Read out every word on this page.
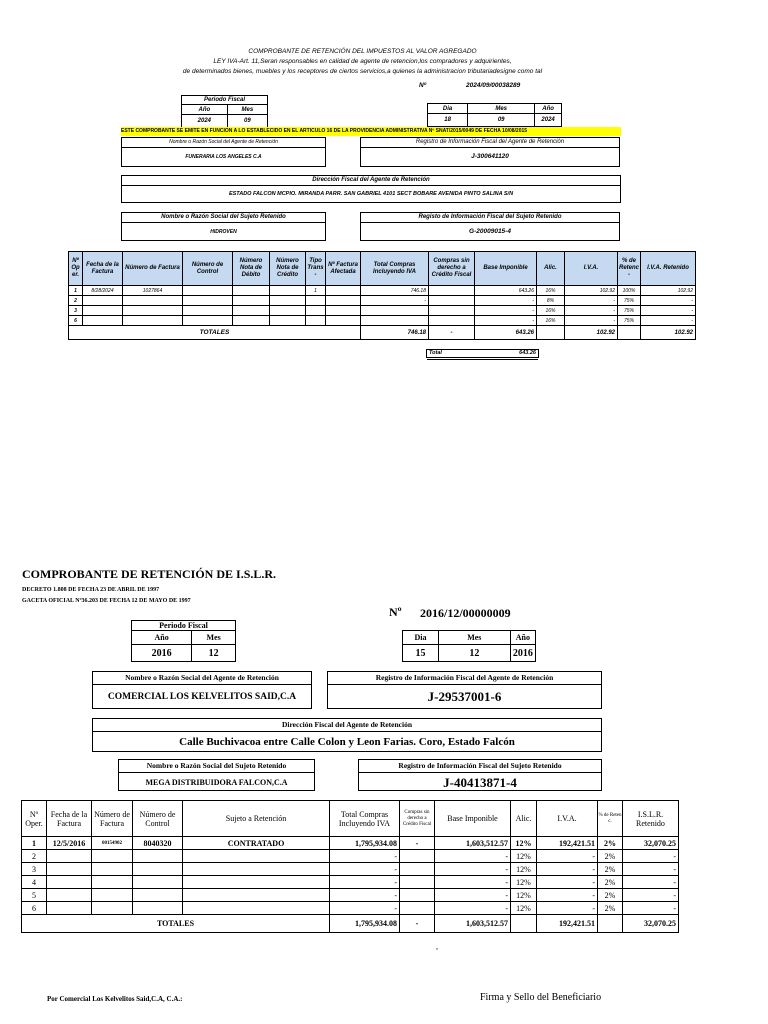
COMPROBANTE DE RETENCIÓN DEL IMPUESTOS AL VALOR AGREGADO
LEY IVA-Art. 11,Seran responsables en calidad de agente de retencion,los compradores y adquirientes,
de determinados bienes, muebles y los receptores de ciertos servicios,a quienes la administracion tributariadesigne como tal
Nº	2024/09/00038289
Periodo Fiscal	
Año	Mes
2024	09
Dia	Mes	Año
18	09	2024
ESTE COMPROBANTE SE EMITE EN FUNCION A LO ESTABLECIDO EN EL ARTICULO 16 DE LA PROVIDENCIA ADMINISTRATIVA Nº SNAT/2015/0049 DE FECHA 10/08/2015
Nombre o Razón Social del Agente de Retención
FUNERARIA LOS ANGELES C.A
Registro de Información Fiscal del Agente de Retención
J-300641120
Dirección Fiscal del Agente de Retención
ESTADO FALCON MCPIO. MIRANDA PARR. SAN GABRIEL 4101 SECT BOBARE AVENIDA PINTO SALINA S/N
Nombre o Razón Social del Sujeto Retenido
HIDROVEN
Registo de Información Fiscal del Sujeto Retenido
G-20009015-4
Nº Op er.	Fecha de la Factura	Número de Factura	Número de Control	Número Nota de Débito	Número Nota de Crédito	Tipo Trans -	Nº Factura Afectada	Total Compras Incluyendo IVA	Compras sin derecho a Crédito Fiscal	Base Imponible	Alic.	I.V.A.	% de Retenc -	I.V.A. Retenido
1	8/28/2024	1027864				1		746.18		643.26	16%	102.92	100%	102.92
2								-		-	8%	-	75%	-
3										-	16%	-	75%	-
6										-	16%	-	75%	-
TOTALES								746.18	-	643.26		102.92		102.92
Total	643.26
COMPROBANTE DE RETENCIÓN DE I.S.L.R.
DECRETO 1.808 DE FECHA 23 DE ABRIL DE 1997
GACETA OFICIAL Nº36.203 DE FECHA 12 DE MAYO DE 1997
Nº 2016/12/00000009
Periodo Fiscal	
Año	Mes
2016	12
Dia	Mes	Año
15	12	2016
Nombre o Razón Social del Agente de Retención
COMERCIAL LOS KELVELITOS SAID,C.A
Registro de Información Fiscal del Agente de Retención
J-29537001-6
Dirección Fiscal del Agente de Retención
Calle Buchivacoa entre Calle Colon y Leon Farias. Coro, Estado Falcón
Nombre o Razón Social del Sujeto Retenido
MEGA DISTRIBUIDORA FALCON,C.A
Registro de Información Fiscal del Sujeto Retenido
J-40413871-4
Nº Oper.	Fecha de la Factura	Número de Factura	Número de Control	Sujeto a Retención	Total Compras Incluyendo IVA	Compras sin derecho a Crédito Fiscal	Base Imponible	Alic.	I.V.A.	% de Reten c.	I.S.L.R. Retenido
1	12/5/2016	00154902	8040320	CONTRATADO	1,795,934.08	-	1,603,512.57	12%	192,421.51	2%	32,070.25
2					-		-	12%	-	2%	-
3					-		-	12%	-	2%	-
4					-		-	12%	-	2%	-
5					-		-	12%	-	2%	-
6					-		-	12%	-	2%	-
TOTALES					1,795,934.08	-	1,603,512.57		192,421.51		32,070.25
,
Por Comercial Los Kelvelitos Said,C.A, C.A.:	Firma y Sello del Beneficiario
